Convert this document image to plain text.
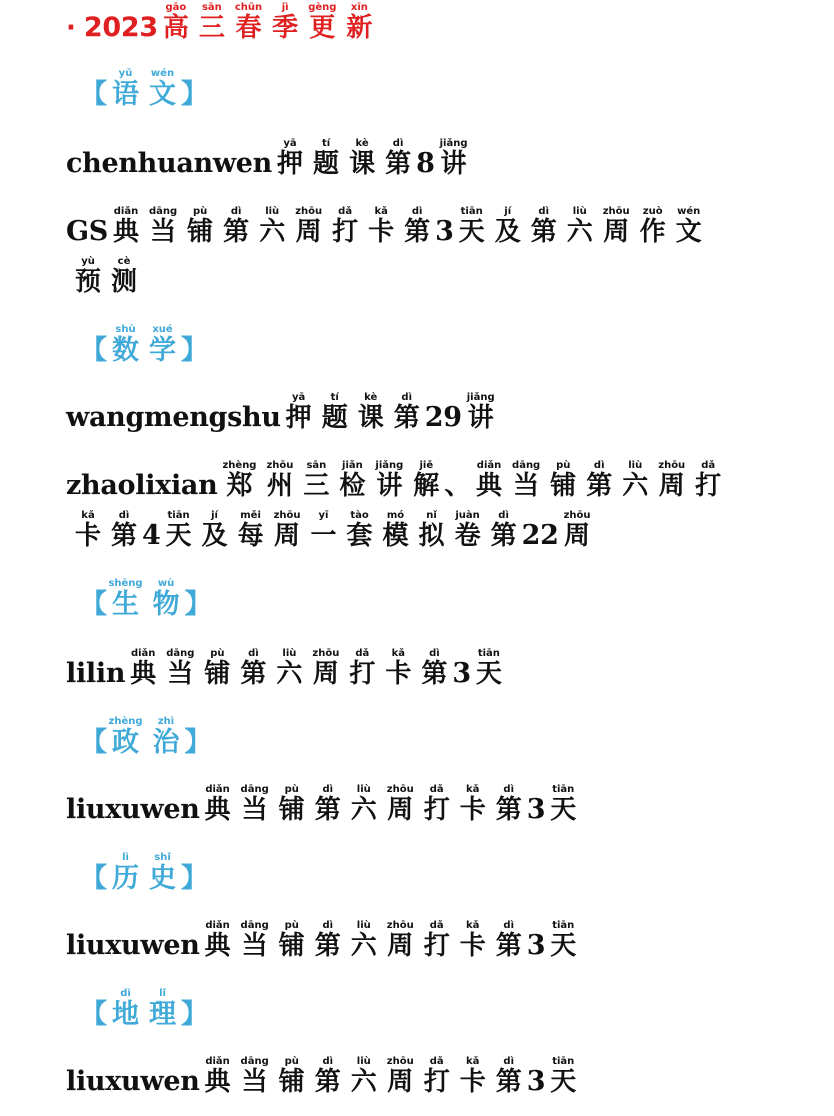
· 2023 高gāo三sān春chūn季jì更gèng新xīn
【 语yǔ文wén】
chenhuanwen 押yā题tí课kè第dì8 讲jiǎng
GS 典diǎn当dāng铺pù第dì六liù周zhōu打dǎ卡kǎ第dì3 天tiān及jí第dì六liù周zhōu作zuò文wén
预yù测cè
【 数shù学xué】
wangmengshu 押yā题tí课kè第dì29 讲jiǎng
zhaolixian 郑zhèng州zhōu三sān检jiǎn讲jiǎng解jiě、 典diǎn当dāng铺pù第dì六liù周zhōu打dǎ
卡kǎ第dì4 天tiān及jí每měi周zhōu一yī套tào模mó拟nǐ卷juàn第dì22 周zhōu
【生shēng物wù】
lilin 典diǎn当dāng铺pù第dì六liù周zhōu打dǎ卡kǎ第dì3 天tiān
【政zhèng治zhì】
liuxuwen 典diǎn当dāng铺pù第dì六liù周zhōu打dǎ卡kǎ第dì3 天tiān
【 历lì史shǐ】
liuxuwen 典diǎn当dāng铺pù第dì六liù周zhōu打dǎ卡kǎ第dì3 天tiān
【 地dì理lǐ】
liuxuwen 典diǎn当dāng铺pù第dì六liù周zhōu打dǎ卡kǎ第dì3 天tiān
